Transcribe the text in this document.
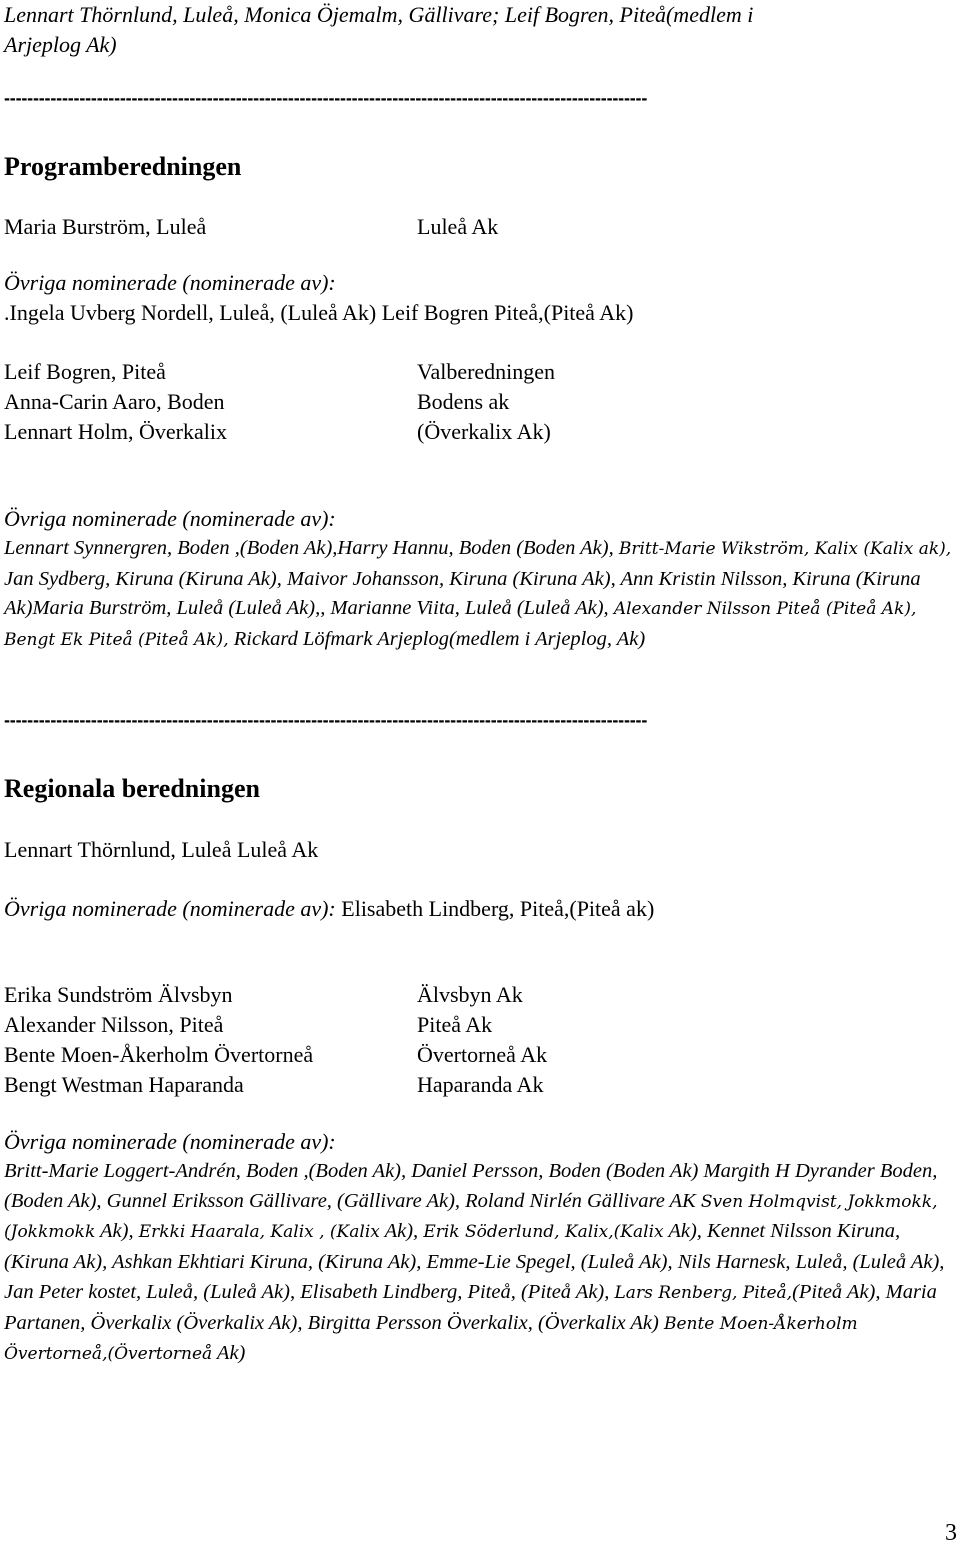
Lennart Thörnlund, Luleå, Monica Öjemalm, Gällivare; Leif Bogren, Piteå(medlem i
Arjeplog Ak)
---------------------------------------------------------------------------------------------------------------
Programberedningen
Maria Burström, Luleå	Luleå Ak
Övriga nominerade (nominerade av):
.Ingela Uvberg Nordell, Luleå, (Luleå Ak) Leif Bogren Piteå,(Piteå Ak)
Leif Bogren, Piteå	Valberedningen
Anna-Carin Aaro, Boden	Bodens ak
Lennart Holm, Överkalix	(Överkalix Ak)
Övriga nominerade (nominerade av):
Lennart Synnergren, Boden ,(Boden Ak),Harry Hannu, Boden (Boden Ak), Britt-Marie Wikström, Kalix (Kalix ak), Jan Sydberg, Kiruna (Kiruna Ak), Maivor Johansson, Kiruna (Kiruna Ak), Ann Kristin Nilsson, Kiruna (Kiruna Ak)Maria Burström, Luleå (Luleå Ak),, Marianne Viita, Luleå (Luleå Ak), Alexander Nilsson Piteå (Piteå Ak), Bengt Ek Piteå (Piteå Ak), Rickard Löfmark Arjeplog(medlem i Arjeplog, Ak)
---------------------------------------------------------------------------------------------------------------
Regionala beredningen
Lennart Thörnlund, Luleå Luleå Ak
Övriga nominerade (nominerade av): Elisabeth Lindberg, Piteå,(Piteå ak)
Erika Sundström Älvsbyn	Älvsbyn Ak
Alexander Nilsson, Piteå	Piteå Ak
Bente Moen-Åkerholm Övertorneå	Övertorneå Ak
Bengt Westman Haparanda	Haparanda Ak
Övriga nominerade (nominerade av):
Britt-Marie Loggert-Andrén, Boden ,(Boden Ak), Daniel Persson, Boden (Boden Ak) Margith H Dyrander Boden, (Boden Ak), Gunnel Eriksson Gällivare, (Gällivare Ak), Roland Nirlén Gällivare AK Sven Holmqvist, Jokkmokk, (Jokkmokk Ak), Erkki Haarala, Kalix , (Kalix Ak), Erik Söderlund, Kalix,(Kalix Ak), Kennet Nilsson Kiruna,(Kiruna Ak), Ashkan Ekhtiari Kiruna, (Kiruna Ak), Emme-Lie Spegel, (Luleå Ak), Nils Harnesk, Luleå, (Luleå Ak), Jan Peter kostet, Luleå, (Luleå Ak), Elisabeth Lindberg, Piteå, (Piteå Ak), Lars Renberg, Piteå,(Piteå Ak), Maria Partanen, Överkalix (Överkalix Ak), Birgitta Persson Överkalix, (Överkalix Ak) Bente Moen-Åkerholm Övertorneå,(Övertorneå Ak)
3
